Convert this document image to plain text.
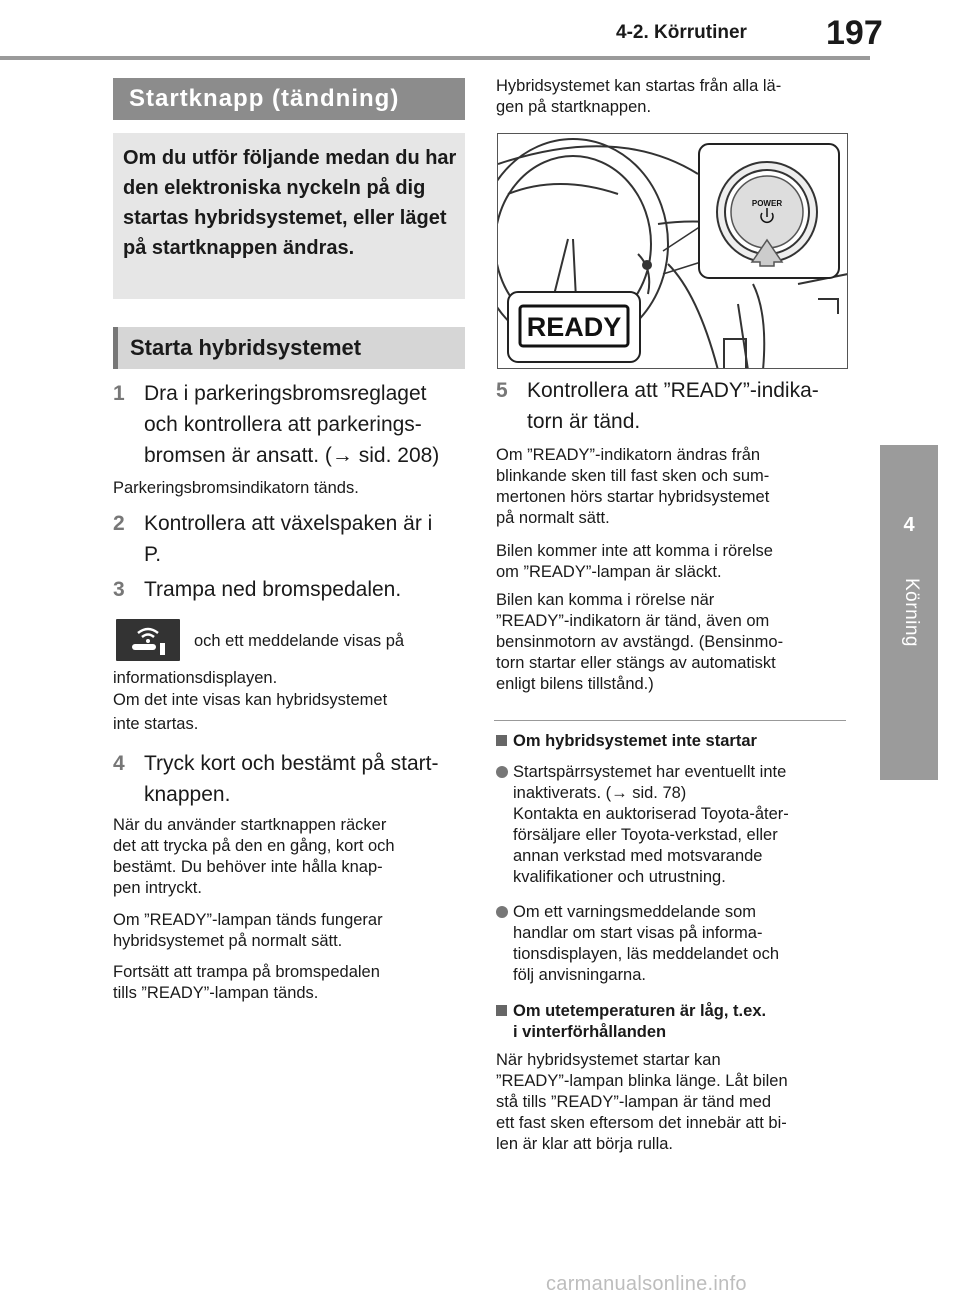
4-2. Körrutiner 197
4
Körning
Startknapp (tändning)

Om du utför följande medan du har den elektroniska nyckeln på dig startas hybridsystemet, eller läget på startknappen ändras.

Starta hybridsystemet
1 Dra i parkeringsbromsreglaget
och kontrollera att parkerings-
bromsen är ansatt. (→ sid. 208)
Parkeringsbromsindikatorn tänds.
2 Kontrollera att växelspaken är i
P.
3 Trampa ned bromspedalen.
och ett meddelande visas på
informationsdisplayen.
Om det inte visas kan hybridsystemet
inte startas.
4 Tryck kort och bestämt på start-
knappen.
När du använder startknappen räcker
det att trycka på den en gång, kort och
bestämt. Du behöver inte hålla knap-
pen intryckt.
Om ”READY”-lampan tänds fungerar
hybridsystemet på normalt sätt.
Fortsätt att trampa på bromspedalen
tills ”READY”-lampan tänds.
Hybridsystemet kan startas från alla lä-
gen på startknappen.
POWER
READY
5 Kontrollera att ”READY”-indika-
torn är tänd.
Om ”READY”-indikatorn ändras från
blinkande sken till fast sken och sum-
mertonen hörs startar hybridsystemet
på normalt sätt.
Bilen kommer inte att komma i rörelse
om ”READY”-lampan är släckt.
Bilen kan komma i rörelse när
”READY”-indikatorn är tänd, även om
bensinmotorn av avstängd. (Bensinmo-
torn startar eller stängs av automatiskt
enligt bilens tillstånd.)
Om hybridsystemet inte startar
Startspärrsystemet har eventuellt inte
inaktiverats. (→ sid. 78)
Kontakta en auktoriserad Toyota-åter-
försäljare eller Toyota-verkstad, eller
annan verkstad med motsvarande
kvalifikationer och utrustning.
Om ett varningsmeddelande som
handlar om start visas på informa-
tionsdisplayen, läs meddelandet och
följ anvisningarna.
Om utetemperaturen är låg, t.ex.
i vinterförhållanden
När hybridsystemet startar kan
”READY”-lampan blinka länge. Låt bilen
stå tills ”READY”-lampan är tänd med
ett fast sken eftersom det innebär att bi-
len är klar att börja rulla.
carmanualsonline.info
